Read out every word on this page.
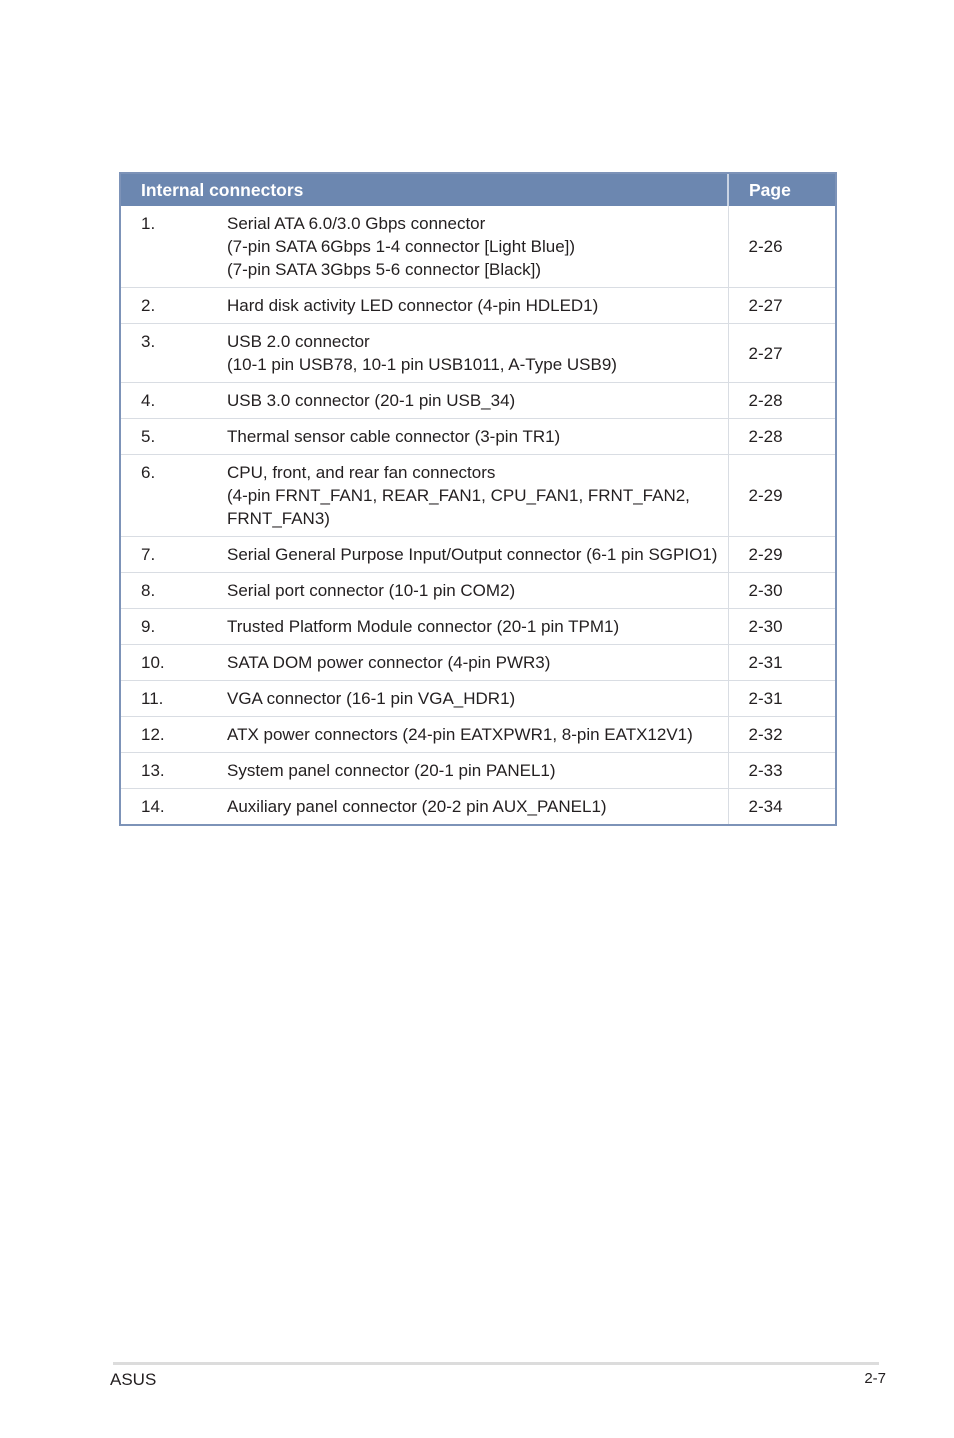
Internal connectors		Page
1.	Serial ATA 6.0/3.0 Gbps connector
(7-pin SATA 6Gbps 1-4 connector [Light Blue])
(7-pin SATA 3Gbps 5-6 connector [Black])	2-26
2.	Hard disk activity LED connector (4-pin HDLED1)	2-27
3.	USB 2.0 connector
(10-1 pin USB78, 10-1 pin USB1011, A-Type USB9)	2-27
4.	USB 3.0 connector (20-1 pin USB_34)	2-28
5.	Thermal sensor cable connector (3-pin TR1)	2-28
6.	CPU, front, and rear fan connectors
(4-pin FRNT_FAN1, REAR_FAN1, CPU_FAN1, FRNT_FAN2,
FRNT_FAN3)	2-29
7.	Serial General Purpose Input/Output connector (6-1 pin SGPIO1)	2-29
8.	Serial port connector (10-1 pin COM2)	2-30
9.	Trusted Platform Module connector (20-1 pin TPM1)	2-30
10.	SATA DOM power connector (4-pin PWR3)	2-31
11.	VGA connector (16-1 pin VGA_HDR1)	2-31
12.	ATX power connectors (24-pin EATXPWR1, 8-pin EATX12V1)	2-32
13.	System panel connector (20-1 pin PANEL1)	2-33
14.	Auxiliary panel connector (20-2 pin AUX_PANEL1)	2-34
ASUS	2-7
